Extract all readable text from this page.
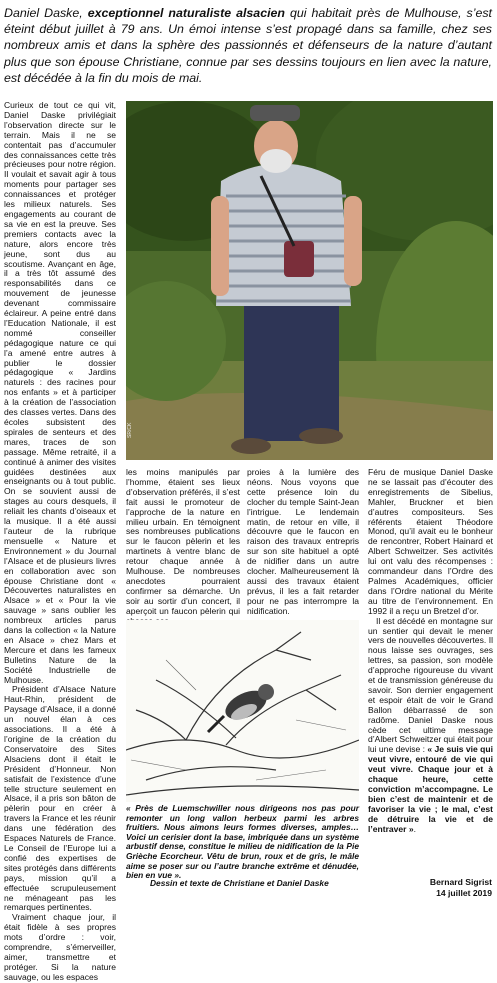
Daniel Daske, exceptionnel naturaliste alsacien qui habitait près de Mulhouse, s’est éteint début juillet à 79 ans. Un émoi intense s’est propagé dans sa famille, chez ses nombreux amis et dans la sphère des passionnés et défenseurs de la nature d’autant plus que son épouse Christiane, connue par ses dessins toujours en lien avec la nature, est décédée à la fin du mois de mai.

Curieux de tout ce qui vit, Daniel Daske privilégiait l’observation directe sur le terrain. Mais il ne se contentait pas d’accumuler des connaissances cette très précieuses pour notre région. Il voulait et savait agir à tous moments pour partager ses connaissances et protéger les milieux naturels. Ses engagements au courant de sa vie en est la preuve. Ses premiers contacts avec la nature, alors encore très jeune, sont dus au scoutisme. Avançant en âge, il a très tôt assumé des responsabilités dans ce mouvement de jeunesse devenant commissaire éclaireur. A peine entré dans l’Education Nationale, il est nommé conseiller pédagogique nature ce qui l’a amené entre autres à publier le dossier pédagogique « Jardins naturels : des racines pour nos enfants » et à participer à la création de l’association des classes vertes. Dans des écoles subsistent des spirales de senteurs et des mares, traces de son passage. Même retraité, il a continué à animer des visites guidées destinées aux enseignants ou à tout public. On se souvient aussi de stages au cours desquels, il reliait les chants d’oiseaux et la musique. Il a été aussi l’auteur de la rubrique mensuelle « Nature et Environnement » du Journal l’Alsace et de plusieurs livres en collaboration avec son épouse Christiane dont « Découvertes naturalistes en Alsace » et « Pour la vie sauvage » sans oublier les nombreux articles parus dans la collection « la Nature en Alsace » chez Mars et Mercure et dans les fameux Bulletins Nature de la Société Industrielle de Mulhouse.

Président d’Alsace Nature Haut-Rhin, président de Paysage d’Alsace, il a donné un nouvel élan à ces associations. Il a été à l’origine de la création du Conservatoire des Sites Alsaciens dont il était le Président d’Honneur. Non satisfait de l’existence d’une telle structure seulement en Alsace, il a pris son bâton de pèlerin pour en créer à travers la France et les réunir dans une fédération des Espaces Naturels de France. Le Conseil de l’Europe lui a confié des expertises de sites protégés dans différents pays, mission qu’il a effectuée scrupuleusement ne ménageant pas les remarques pertinentes.

Vraiment chaque jour, il était fidèle à ses propres mots d’ordre : voir, comprendre, s’émerveiller, aimer, transmettre et protéger. Si la nature sauvage, ou les espaces

SR/CK

les moins manipulés par l’homme, étaient ses lieux d’observation préférés, il s’est fait aussi le promoteur de l’approche de la nature en milieu urbain. En témoignent ses nombreuses publications sur le faucon pèlerin et les martinets à ventre blanc de retour chaque année à Mulhouse. De nombreuses anecdotes pourraient confirmer sa démarche. Un soir au sortir d’un concert, il aperçoit un faucon pèlerin qui

proies à la lumière des néons. Nous voyons que cette présence loin du clocher du temple Saint-Jean l’intrigue. Le lendemain matin, de retour en ville, il découvre que le faucon en raison des travaux entrepris sur son site habituel a opté de nidifier dans un autre clocher. Malheureusement là aussi des travaux étaient prévus, il les a fait retarder pour ne pas interrompre la nidification.

Féru de musique Daniel Daske ne se lassait pas d’écouter des enregistrements de Sibelius, Mahler, Bruckner et bien d’autres compositeurs. Ses référents étaient Théodore Monod, qu’il avait eu le bonheur de rencontrer, Robert Hainard et Albert Schweitzer. Ses activités lui ont valu des récompenses : commandeur dans l’Ordre des Palmes Académiques, officier dans l’Ordre national du Mérite au titre de l’environnement. En 1992 il a reçu un Bretzel d’or.

Il est décédé en montagne sur un sentier qui devait le mener vers de nouvelles découvertes. Il nous laisse ses ouvrages, ses lettres, sa passion, son modèle d’approche rigoureuse du vivant et de transmission généreuse du savoir. Son dernier engagement et espoir était de voir le Grand Ballon débarrassé de son radôme. Daniel Daske nous cède cet ultime message d’Albert Schweitzer qui était pour lui une devise : « Je suis vie qui veut vivre, entouré de vie qui veut vivre. Chaque jour et à chaque heure, cette conviction m’accompagne. Le bien c’est de maintenir et de favoriser la vie ; le mal, c’est de détruire la vie et de l’entraver ».

« Près de Luemschwiller nous dirigeons nos pas pour remonter un long vallon herbeux parmi les arbres fruitiers. Nous aimons leurs formes diverses, amples… Voici un cerisier dont la base, imbriquée dans un système arbustif dense, constitue le milieu de nidification de la Pie Grièche Ecorcheur. Vêtu de brun, roux et de gris, le mâle aime se poser sur ou l’autre branche extrême et dénudée, bien en vue ».
Dessin et texte de Christiane et Daniel Daske	Bernard Sigrist
14 juillet 2019
